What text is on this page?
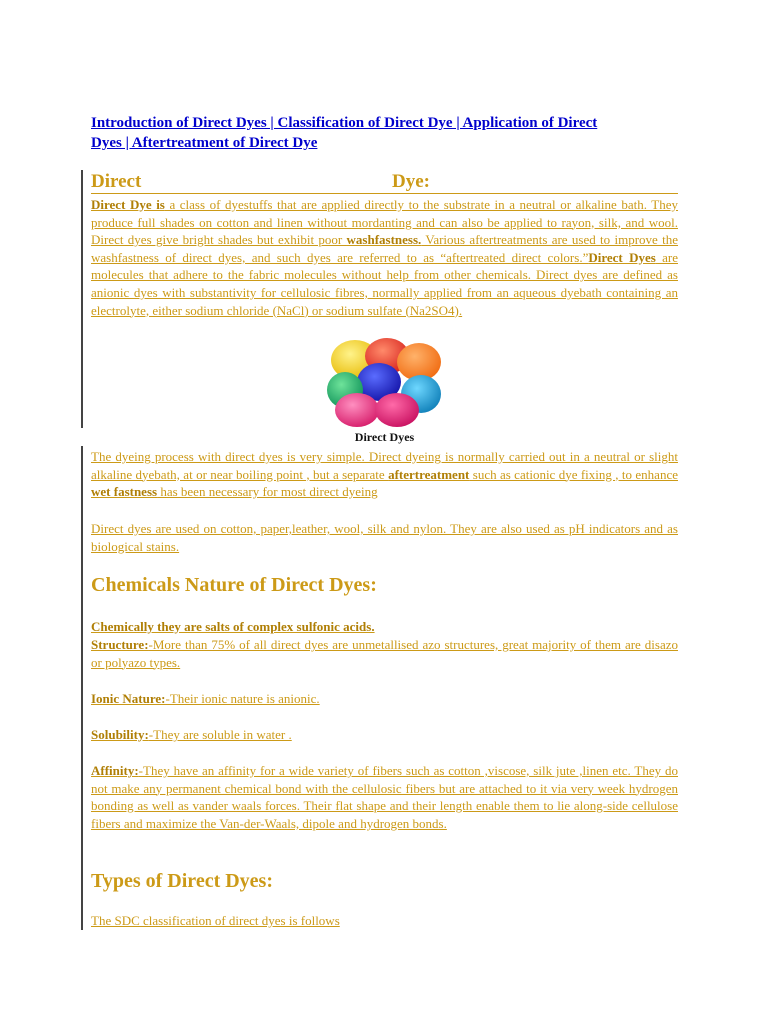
Introduction of Direct Dyes | Classification of Direct Dye | Application of Direct
Dyes | Aftertreatment of Direct Dye
Direct	Dye:

Direct Dye is a class of dyestuffs that are applied directly to the substrate in a neutral or alkaline bath. They produce full shades on cotton and linen without mordanting and can also be applied to rayon, silk, and wool. Direct dyes give bright shades but exhibit poor washfastness. Various aftertreatments are used to improve the washfastness of direct dyes, and such dyes are referred to as “aftertreated direct colors.”Direct Dyes are molecules that adhere to the fabric molecules without help from other chemicals. Direct dyes are defined as anionic dyes with substantivity for cellulosic fibres, normally applied from an aqueous dyebath containing an electrolyte, either sodium chloride (NaCl) or sodium sulfate (Na2SO4).

Direct Dyes

The dyeing process with direct dyes is very simple. Direct dyeing is normally carried out in a neutral or slight alkaline dyebath, at or near boiling point , but a separate aftertreatment such as cationic dye fixing , to enhance wet fastness has been necessary for most direct dyeing

Direct dyes are used on cotton, paper,leather, wool, silk and nylon. They are also used as pH indicators and as biological stains.

Chemicals Nature of Direct Dyes:
Chemically they are salts of complex sulfonic acids.
Structure:-More than 75% of all direct dyes are unmetallised azo structures, great majority of them are disazo or polyazo types.
Ionic Nature:-Their ionic nature is anionic.
Solubility:-They are soluble in water .
Affinity:-They have an affinity for a wide variety of fibers such as cotton ,viscose, silk jute ,linen etc. They do not make any permanent chemical bond with the cellulosic fibers but are attached to it via very week hydrogen bonding as well as vander waals forces. Their flat shape and their length enable them to lie along-side cellulose fibers and maximize the Van-der-Waals, dipole and hydrogen bonds.
Types of Direct Dyes:
The SDC classification of direct dyes is follows
